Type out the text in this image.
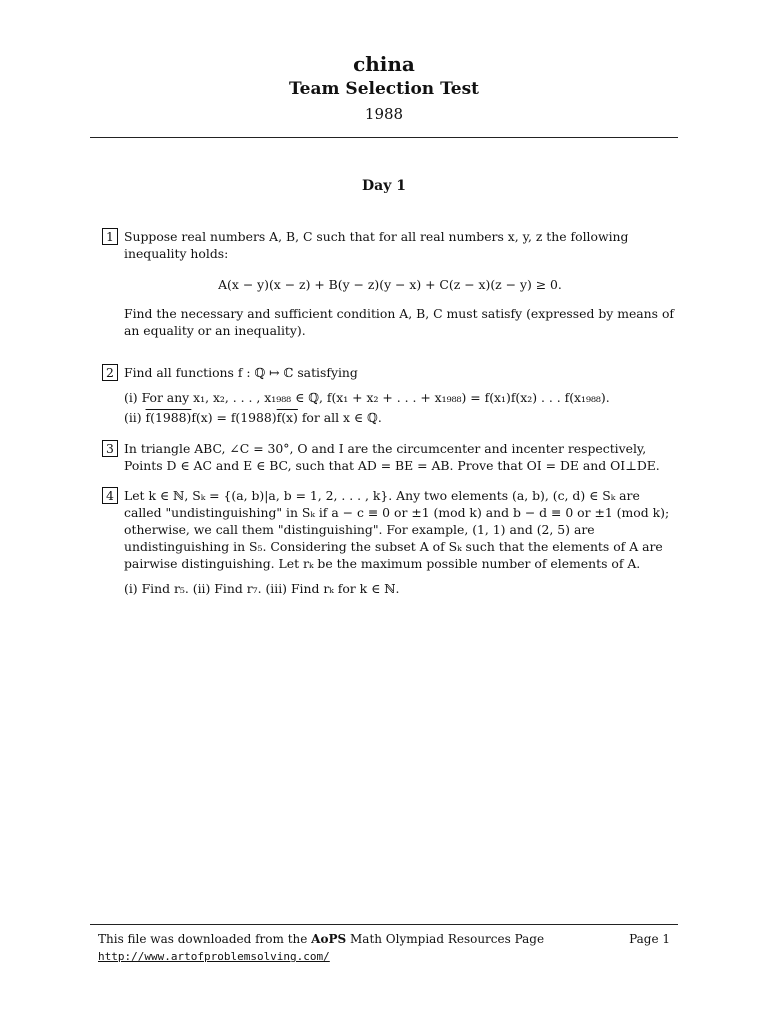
china
Team Selection Test
1988
Day 1
1 Suppose real numbers A, B, C such that for all real numbers x, y, z the following inequality holds:
A(x − y)(x − z) + B(y − z)(y − x) + C(z − x)(z − y) ≥ 0.
Find the necessary and sufficient condition A, B, C must satisfy (expressed by means of an equality or an inequality).
2 Find all functions f : ℚ ↦ ℂ satisfying
(i) For any x₁, x₂, . . . , x₁₉₈₈ ∈ ℚ, f(x₁ + x₂ + . . . + x₁₉₈₈) = f(x₁)f(x₂) . . . f(x₁₉₈₈).
(ii) f(1988)f(x) = f(1988)f(x) for all x ∈ ℚ.
3 In triangle ABC, ∠C = 30°, O and I are the circumcenter and incenter respectively, Points D ∈ AC and E ∈ BC, such that AD = BE = AB. Prove that OI = DE and OI⊥DE.
4 Let k ∈ ℕ, Sₖ = {(a, b)|a, b = 1, 2, . . . , k}. Any two elements (a, b), (c, d) ∈ Sₖ are called "undistinguishing" in Sₖ if a − c ≡ 0 or ±1 (mod k) and b − d ≡ 0 or ±1 (mod k); otherwise, we call them "distinguishing". For example, (1, 1) and (2, 5) are undistinguishing in S₅. Considering the subset A of Sₖ such that the elements of A are pairwise distinguishing. Let rₖ be the maximum possible number of elements of A.
(i) Find r₅. (ii) Find r₇. (iii) Find rₖ for k ∈ ℕ.
This file was downloaded from the AoPS Math Olympiad Resources Page
http://www.artofproblemsolving.com/
Page 1
